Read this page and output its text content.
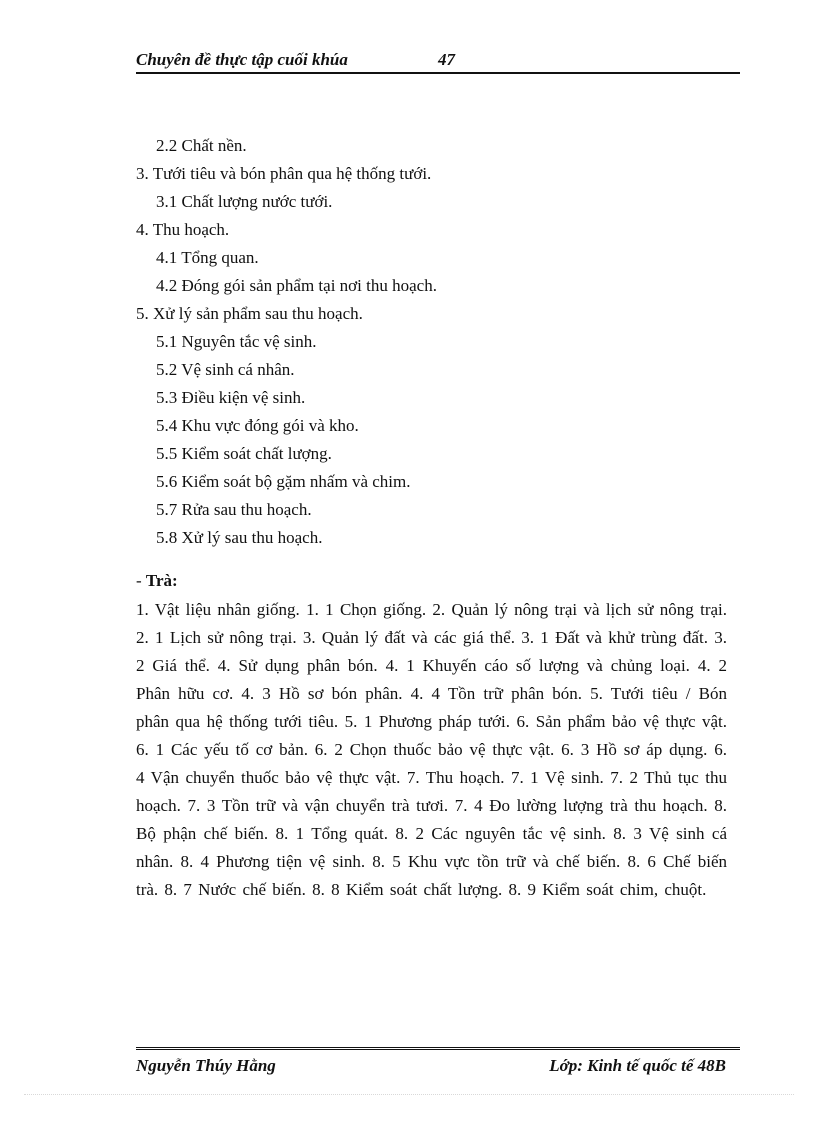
Chuyên đề thực tập cuối khúa	47
2.2 Chất nền.
3. Tưới tiêu và bón phân qua hệ thống tưới.
3.1 Chất lượng nước tưới.
4. Thu hoạch.
4.1 Tổng quan.
4.2 Đóng gói sản phẩm tại nơi thu hoạch.
5. Xử lý sản phẩm sau thu hoạch.
5.1 Nguyên tắc vệ sinh.
5.2 Vệ sinh cá nhân.
5.3 Điều kiện vệ sinh.
5.4 Khu vực đóng gói và kho.
5.5 Kiểm soát chất lượng.
5.6 Kiểm soát bộ gặm nhấm và chim.
5.7 Rửa sau thu hoạch.
5.8 Xử lý sau thu hoạch.
- Trà:
1. Vật liệu nhân giống. 1. 1 Chọn giống. 2. Quản lý nông trại và lịch sử nông trại. 2. 1 Lịch sử nông trại. 3. Quản lý đất và các giá thể. 3. 1 Đất và khử trùng đất. 3. 2 Giá thể. 4. Sử dụng phân bón. 4. 1 Khuyến cáo số lượng và chủng loại. 4. 2 Phân hữu cơ. 4. 3 Hồ sơ bón phân. 4. 4 Tồn trữ phân bón. 5. Tưới tiêu / Bón phân qua hệ thống tưới tiêu. 5. 1 Phương pháp tưới. 6. Sản phẩm bảo vệ thực vật. 6. 1 Các yếu tố cơ bản. 6. 2 Chọn thuốc bảo vệ thực vật. 6. 3 Hồ sơ áp dụng. 6. 4 Vận chuyển thuốc bảo vệ thực vật. 7. Thu hoạch. 7. 1 Vệ sinh. 7. 2 Thủ tục thu hoạch. 7. 3 Tồn trữ và vận chuyển trà tươi. 7. 4 Đo lường lượng trà thu hoạch. 8. Bộ phận chế biến. 8. 1 Tổng quát. 8. 2 Các nguyên tắc vệ sinh. 8. 3 Vệ sinh cá nhân. 8. 4 Phương tiện vệ sinh. 8. 5 Khu vực tồn trữ và chế biến. 8. 6 Chế biến trà. 8. 7 Nước chế biến. 8. 8 Kiểm soát chất lượng. 8. 9 Kiểm soát chim, chuột.
Nguyễn Thúy Hằng	Lớp: Kinh tế quốc tế 48B
